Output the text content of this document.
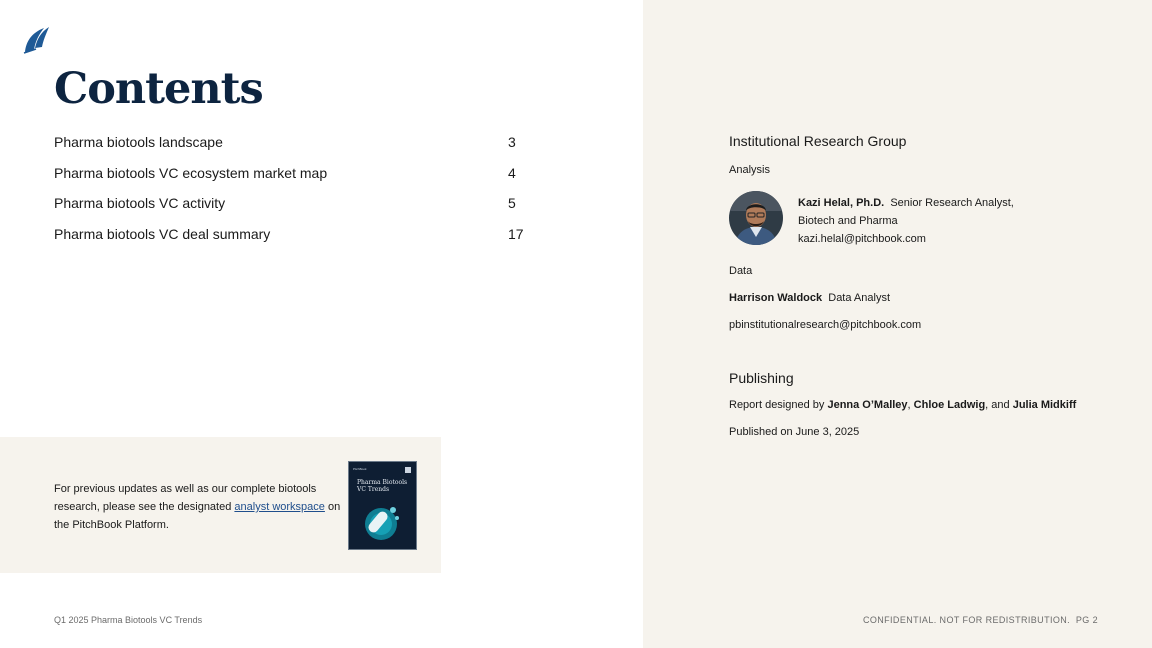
Contents
Pharma biotools landscape	3
Pharma biotools VC ecosystem market map	4
Pharma biotools VC activity	5
Pharma biotools VC deal summary	17
For previous updates as well as our complete biotools research, please see the designated analyst workspace on the PitchBook Platform.
PitchBook
Pharma Biotools
VC Trends
Institutional Research Group
Analysis
Kazi Helal, Ph.D. Senior Research Analyst,
Biotech and Pharma
kazi.helal@pitchbook.com
Data
Harrison Waldock Data Analyst
pbinstitutionalresearch@pitchbook.com
Publishing
Report designed by Jenna O’Malley, Chloe Ladwig, and Julia Midkiff
Published on June 3, 2025
Q1 2025 Pharma Biotools VC Trends	CONFIDENTIAL. NOT FOR REDISTRIBUTION.  PG 2
